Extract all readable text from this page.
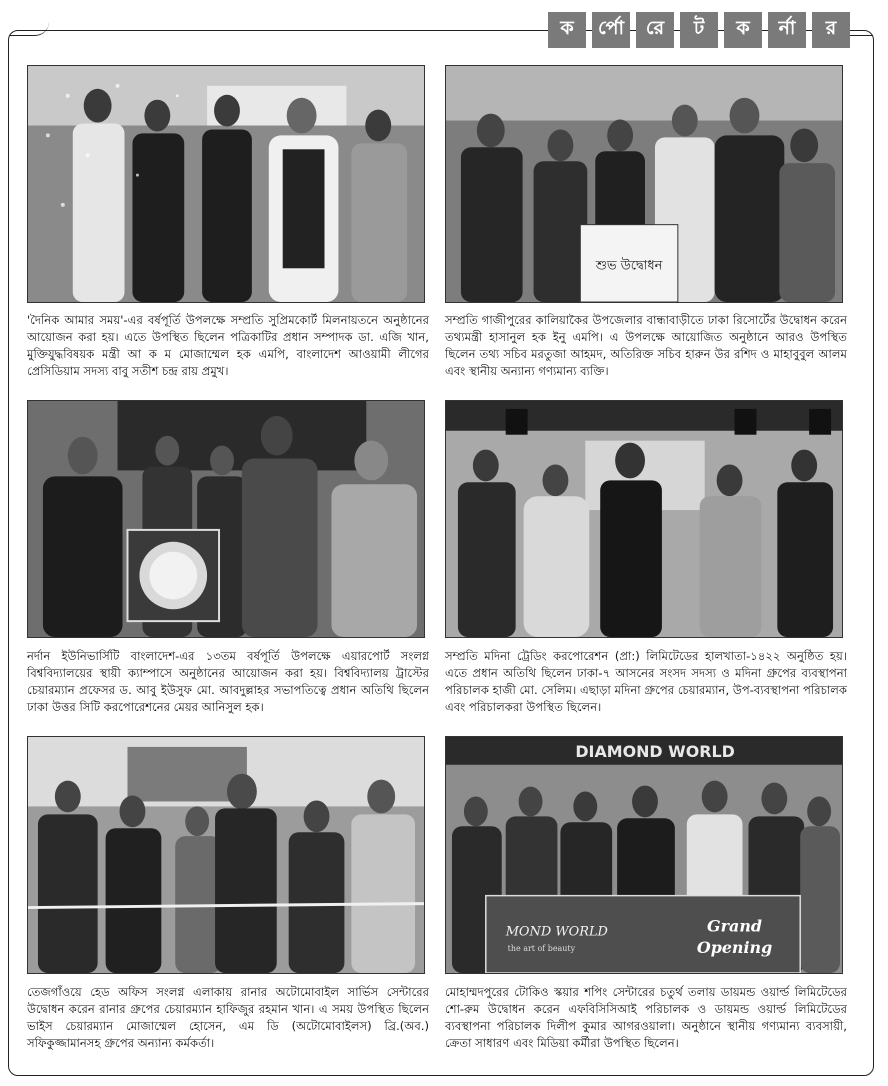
ক	র্পো	রে	ট	ক	র্না	র

'দৈনিক আমার সময়'-এর বর্ষপূর্তি উপলক্ষে সম্প্রতি সুপ্রিমকোর্ট মিলনায়তনে অনুষ্ঠানের আয়োজন করা হয়। এতে উপস্থিত ছিলেন পত্রিকাটির প্রধান সম্পাদক ডা. এজি খান, মুক্তিযুদ্ধবিষয়ক মন্ত্রী আ ক ম মোজাম্মেল হক এমপি, বাংলাদেশ আওয়ামী লীগের প্রেসিডিয়াম সদস্য বাবু সতীশ চন্দ্র রায় প্রমুখ।

শুভ উদ্বোধন

সম্প্রতি গাজীপুরের কালিয়াকৈর উপজেলার বান্ধাবাড়ীতে ঢাকা রিসোর্টের উদ্বোধন করেন তথ্যমন্ত্রী হাসানুল হক ইনু এমপি। এ উপলক্ষে আয়োজিত অনুষ্ঠানে আরও উপস্থিত ছিলেন তথ্য সচিব মরতুজা আহমদ, অতিরিক্ত সচিব হারুন উর রশিদ ও মাহাবুবুল আলম এবং স্থানীয় অন্যান্য গণ্যমান্য ব্যক্তি।

নর্দান ইউনিভার্সিটি বাংলাদেশ-এর ১৩তম বর্ষপূর্তি উপলক্ষে এয়ারপোর্ট সংলগ্ন বিশ্ববিদ্যালয়ের স্থায়ী ক্যাম্পাসে অনুষ্ঠানের আয়োজন করা হয়। বিশ্ববিদ্যালয় ট্রাস্টের চেয়ারম্যান প্রফেসর ড. আবু ইউসুফ মো. আবদুল্লাহর সভাপতিত্বে প্রধান অতিথি ছিলেন ঢাকা উত্তর সিটি করপোরেশনের মেয়র আনিসুল হক।

সম্প্রতি মদিনা ট্রেডিং করপোরেশন (প্রা:) লিমিটেডের হালখাতা-১৪২২ অনুষ্ঠিত হয়। এতে প্রধান অতিথি ছিলেন ঢাকা-৭ আসনের সংসদ সদস্য ও মদিনা গ্রুপের ব্যবস্থাপনা পরিচালক হাজী মো. সেলিম। এছাড়া মদিনা গ্রুপের চেয়ারম্যান, উপ-ব্যবস্থাপনা পরিচালক এবং পরিচালকরা উপস্থিত ছিলেন।

তেজগাঁওয়ে হেড অফিস সংলগ্ন এলাকায় রানার অটোমোবাইল সার্ভিস সেন্টারের উদ্বোধন করেন রানার গ্রুপের চেয়ারম্যান হাফিজুর রহমান খান। এ সময় উপস্থিত ছিলেন ভাইস চেয়ারম্যান মোজাম্মেল হোসেন, এম ডি (অটোমোবাইলস) ব্রি.(অব.) সফিকুজ্জামানসহ গ্রুপের অন্যান্য কর্মকর্তা।

DIAMOND WORLD
MOND WORLD
the art of beauty
Grand
Opening

মোহাম্মদপুরের টোকিও স্কয়ার শপিং সেন্টারের চতুর্থ তলায় ডায়মন্ড ওয়ার্ল্ড লিমিটেডের শো-রুম উদ্বোধন করেন এফবিসিসিআই পরিচালক ও ডায়মন্ড ওয়ার্ল্ড লিমিটেডের ব্যবস্থাপনা পরিচালক দিলীপ কুমার আগরওয়ালা। অনুষ্ঠানে স্থানীয় গণ্যমান্য ব্যবসায়ী, ক্রেতা সাধারণ এবং মিডিয়া কর্মীরা উপস্থিত ছিলেন।
